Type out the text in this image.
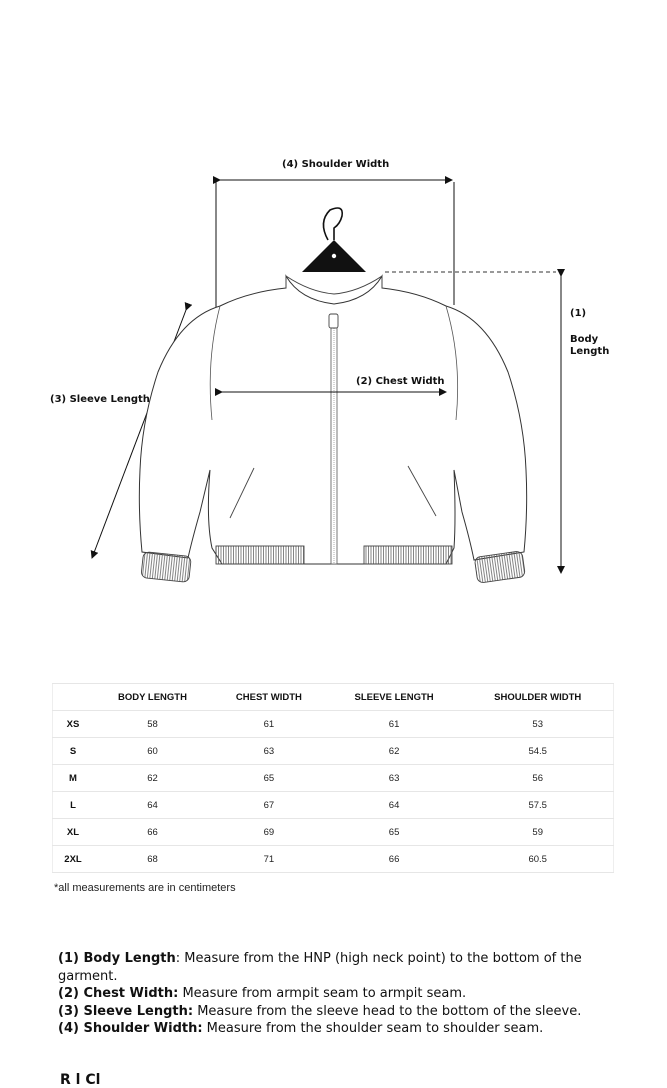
(4) Shoulder Width
(2) Chest Width
(3) Sleeve Length
(1)
Body
Length
	BODY LENGTH	CHEST WIDTH	SLEEVE LENGTH	SHOULDER WIDTH
XS	58	61	61	53
S	60	63	62	54.5
M	62	65	63	56
L	64	67	64	57.5
XL	66	69	65	59
2XL	68	71	66	60.5
*all measurements are in centimeters

(1) Body Length: Measure from the HNP (high neck point) to the bottom of the garment.

(2) Chest Width: Measure from armpit seam to armpit seam.

(3) Sleeve Length: Measure from the sleeve head to the bottom of the sleeve.

(4) Shoulder Width: Measure from the shoulder seam to shoulder seam.

R l Cl
